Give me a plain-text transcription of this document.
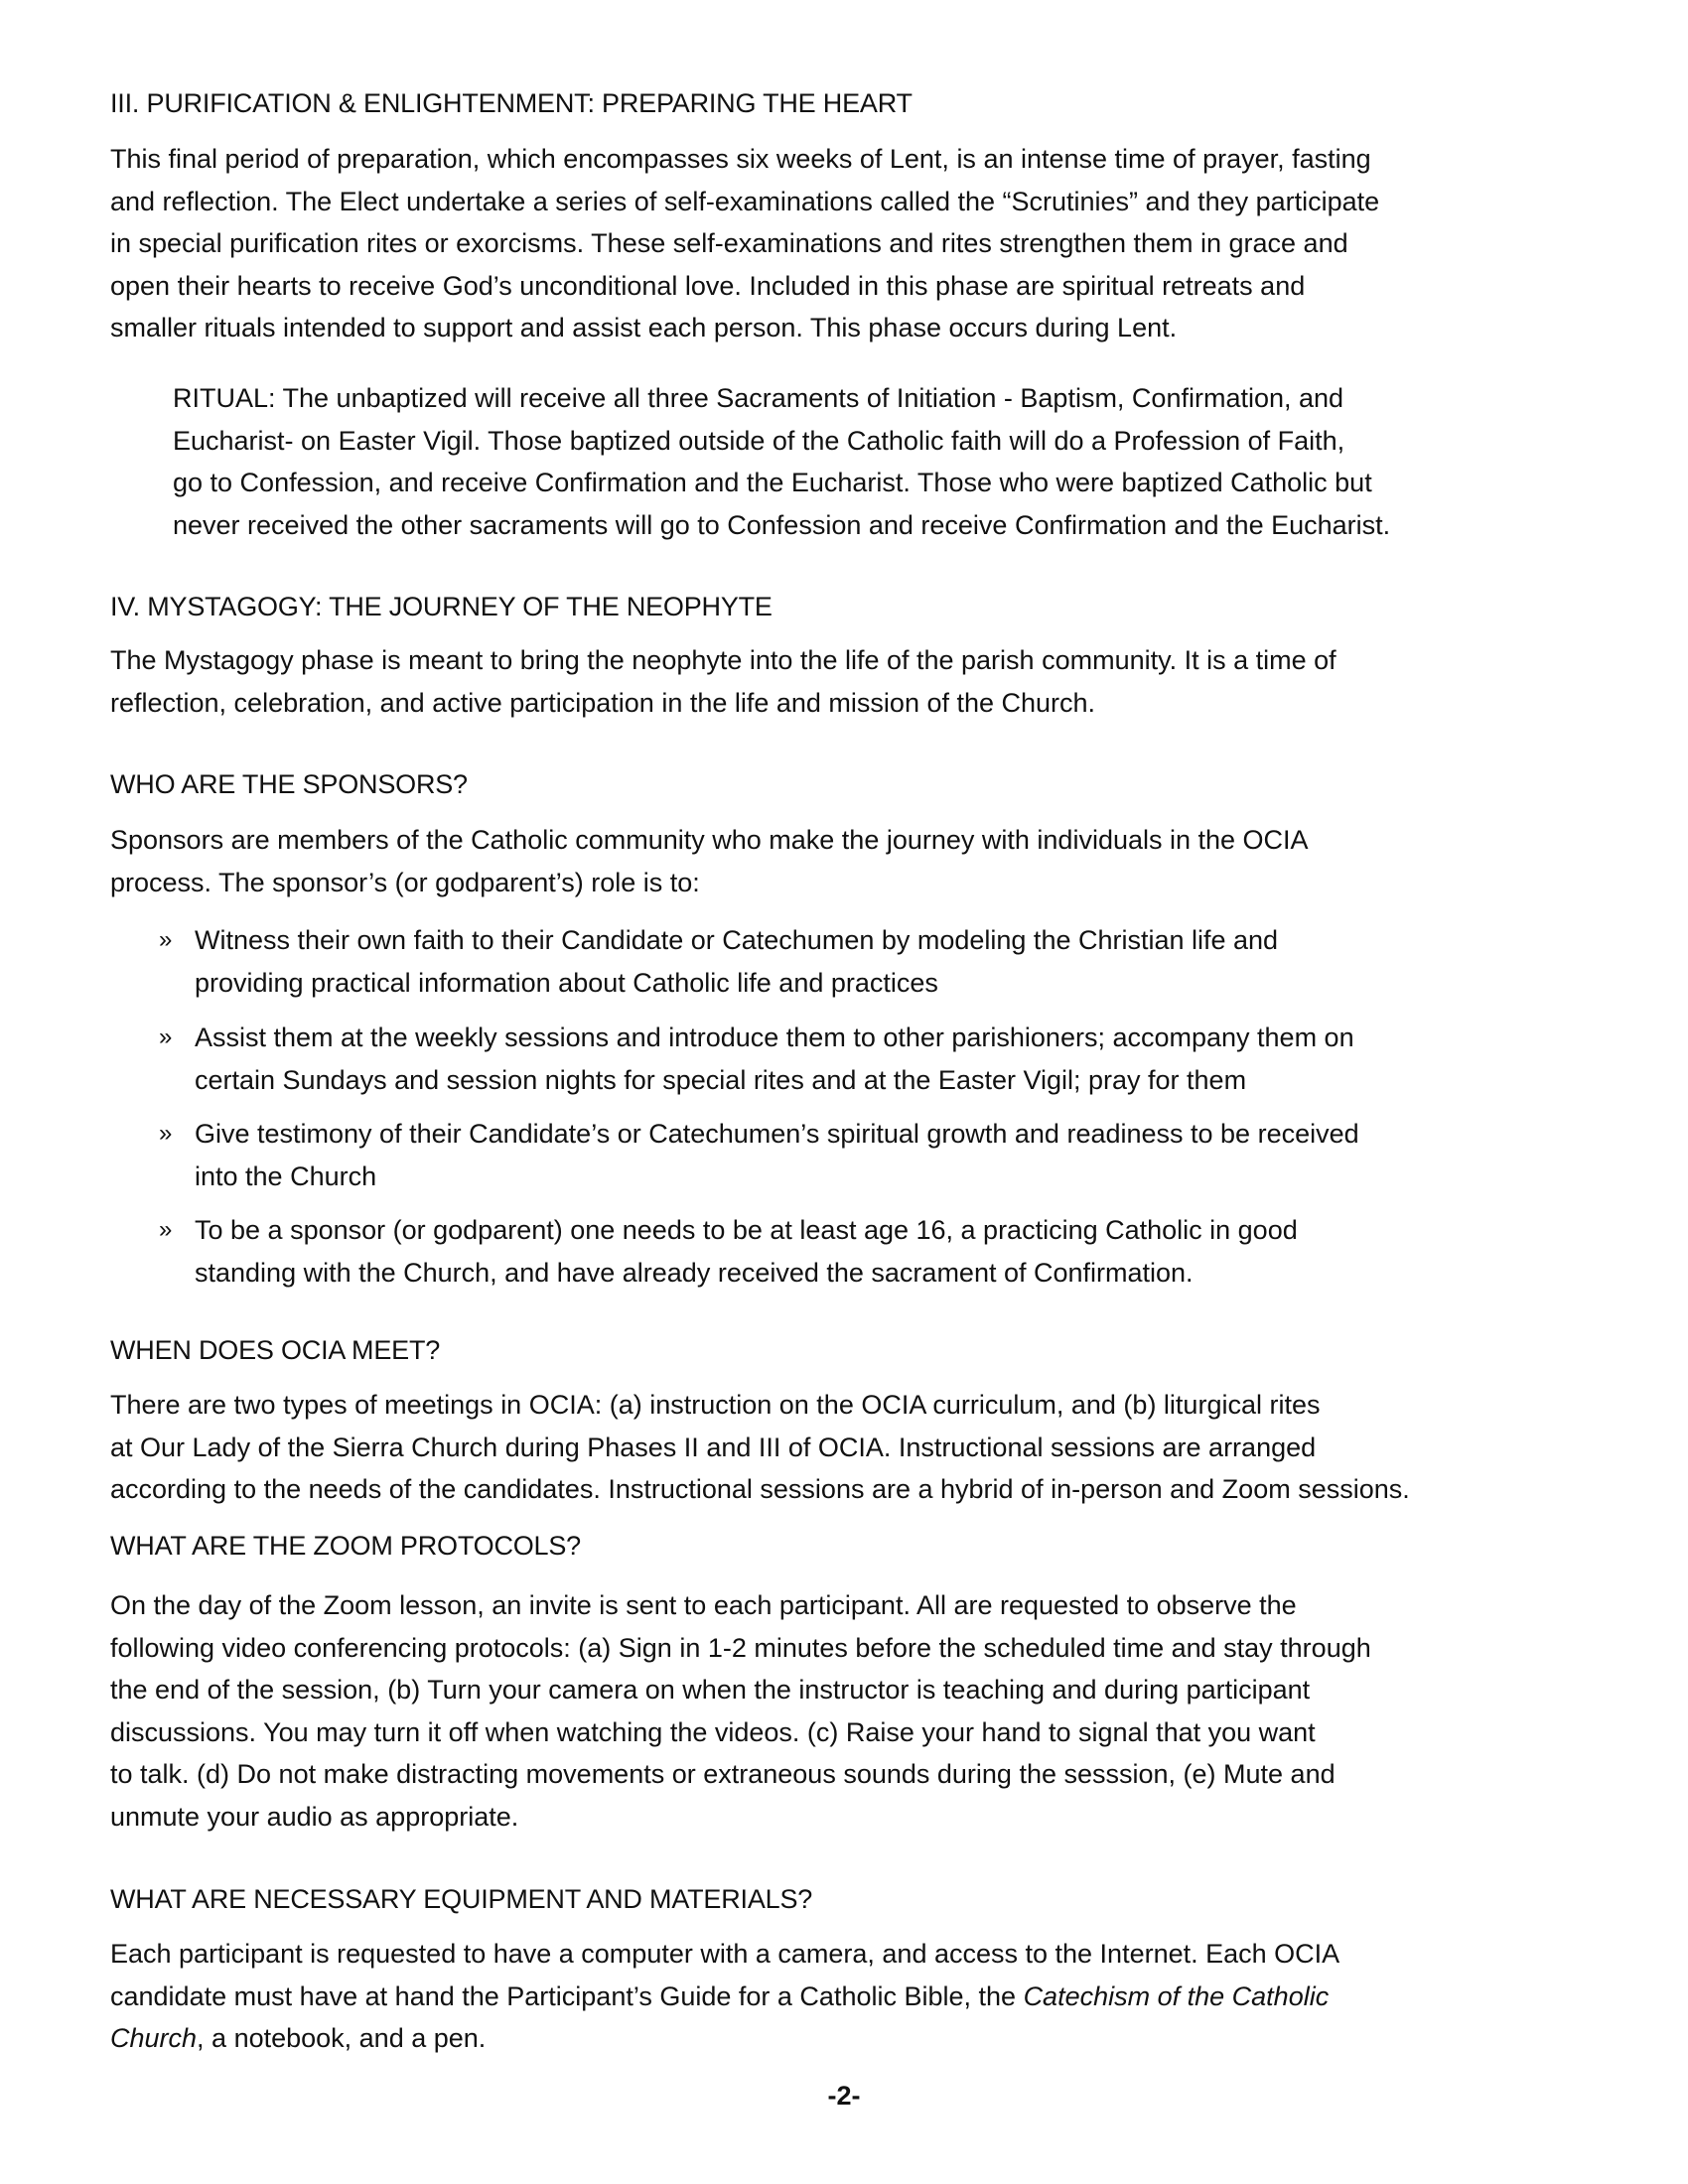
III. PURIFICATION & ENLIGHTENMENT: PREPARING THE HEART
This final period of preparation, which encompasses six weeks of Lent, is an intense time of prayer, fasting
and reflection. The Elect undertake a series of self-examinations called the “Scrutinies” and they participate
in special purification rites or exorcisms. These self-examinations and rites strengthen them in grace and
open their hearts to receive God’s unconditional love. Included in this phase are spiritual retreats and
smaller rituals intended to support and assist each person. This phase occurs during Lent.
RITUAL: The unbaptized will receive all three Sacraments of Initiation - Baptism, Confirmation, and
Eucharist- on Easter Vigil. Those baptized outside of the Catholic faith will do a Profession of Faith,
go to Confession, and receive Confirmation and the Eucharist. Those who were baptized Catholic but
never received the other sacraments will go to Confession and receive Confirmation and the Eucharist.
IV. MYSTAGOGY: THE JOURNEY OF THE NEOPHYTE
The Mystagogy phase is meant to bring the neophyte into the life of the parish community. It is a time of
reflection, celebration, and active participation in the life and mission of the Church.
WHO ARE THE SPONSORS?
Sponsors are members of the Catholic community who make the journey with individuals in the OCIA
process. The sponsor’s (or godparent’s) role is to:
» Witness their own faith to their Candidate or Catechumen by modeling the Christian life and
providing practical information about Catholic life and practices
» Assist them at the weekly sessions and introduce them to other parishioners; accompany them on
certain Sundays and session nights for special rites and at the Easter Vigil; pray for them
» Give testimony of their Candidate’s or Catechumen’s spiritual growth and readiness to be received
into the Church
» To be a sponsor (or godparent) one needs to be at least age 16, a practicing Catholic in good
standing with the Church, and have already received the sacrament of Confirmation.
WHEN DOES OCIA MEET?
There are two types of meetings in OCIA: (a) instruction on the OCIA curriculum, and (b) liturgical rites
at Our Lady of the Sierra Church during Phases II and III of OCIA. Instructional sessions are arranged
according to the needs of the candidates. Instructional sessions are a hybrid of in-person and Zoom sessions.
WHAT ARE THE ZOOM PROTOCOLS?
On the day of the Zoom lesson, an invite is sent to each participant. All are requested to observe the
following video conferencing protocols: (a) Sign in 1-2 minutes before the scheduled time and stay through
the end of the session, (b) Turn your camera on when the instructor is teaching and during participant
discussions. You may turn it off when watching the videos. (c) Raise your hand to signal that you want
to talk. (d) Do not make distracting movements or extraneous sounds during the sesssion, (e) Mute and
unmute your audio as appropriate.
WHAT ARE NECESSARY EQUIPMENT AND MATERIALS?
Each participant is requested to have a computer with a camera, and access to the Internet. Each OCIA
candidate must have at hand the Participant’s Guide for a Catholic Bible, the Catechism of the Catholic
Church, a notebook, and a pen.
-2-
